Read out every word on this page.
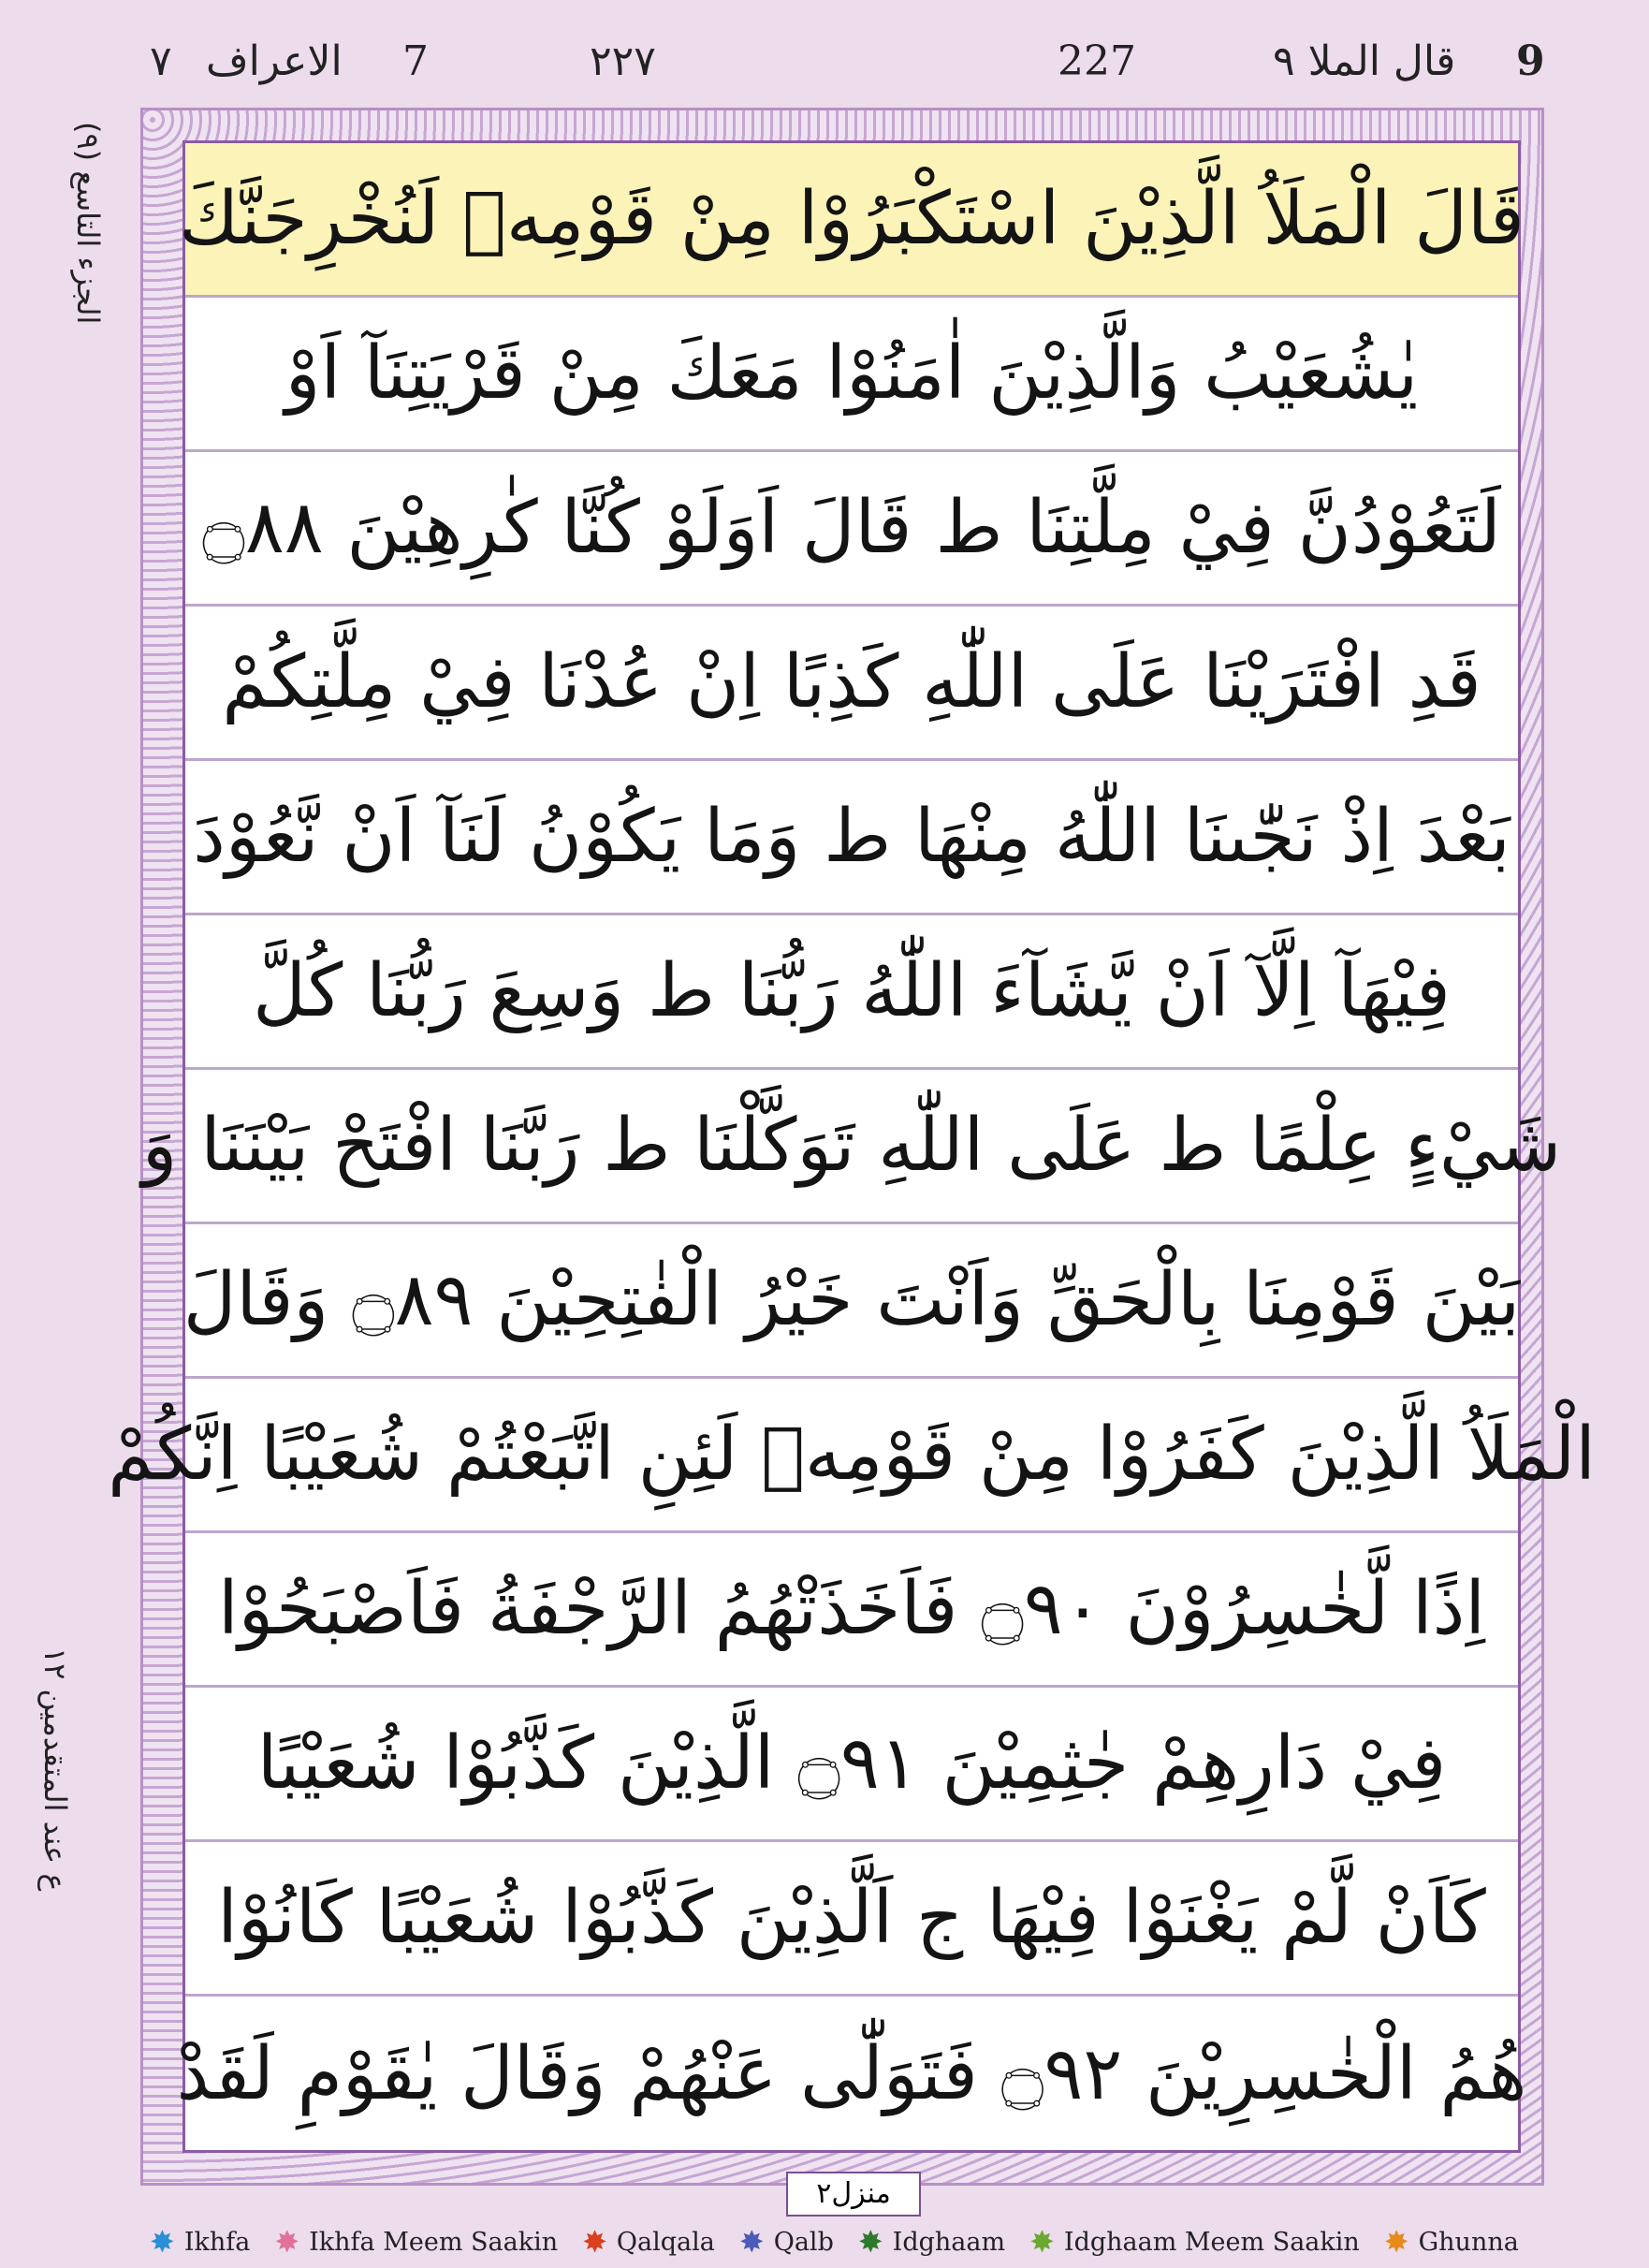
٧ الاعراف 7	٢٢٧	227	قال الملا ٩ 9
الجزء التاسع (٩)
ع عند المتقدمين ١٢
قَالَ الْمَلَاُ الَّذِيْنَ اسْتَكْبَرُوْا مِنْ قَوْمِهٖ لَنُخْرِجَنَّكَ
يٰشُعَيْبُ وَالَّذِيْنَ اٰمَنُوْا مَعَكَ مِنْ قَرْيَتِنَآ اَوْ
لَتَعُوْدُنَّ فِيْ مِلَّتِنَا ط قَالَ اَوَلَوْ كُنَّا كٰرِهِيْنَ ۝٨٨
قَدِ افْتَرَيْنَا عَلَى اللّٰهِ كَذِبًا اِنْ عُدْنَا فِيْ مِلَّتِكُمْ
بَعْدَ اِذْ نَجّٰىنَا اللّٰهُ مِنْهَا ط وَمَا يَكُوْنُ لَنَآ اَنْ نَّعُوْدَ
فِيْهَآ اِلَّآ اَنْ يَّشَآءَ اللّٰهُ رَبُّنَا ط وَسِعَ رَبُّنَا كُلَّ
شَيْءٍ عِلْمًا ط عَلَى اللّٰهِ تَوَكَّلْنَا ط رَبَّنَا افْتَحْ بَيْنَنَا وَ
بَيْنَ قَوْمِنَا بِالْحَقِّ وَاَنْتَ خَيْرُ الْفٰتِحِيْنَ ۝٨٩ وَقَالَ
الْمَلَاُ الَّذِيْنَ كَفَرُوْا مِنْ قَوْمِهٖ لَئِنِ اتَّبَعْتُمْ شُعَيْبًا اِنَّكُمْ
اِذًا لَّخٰسِرُوْنَ ۝٩٠ فَاَخَذَتْهُمُ الرَّجْفَةُ فَاَصْبَحُوْا
فِيْ دَارِهِمْ جٰثِمِيْنَ ۝٩١ الَّذِيْنَ كَذَّبُوْا شُعَيْبًا
كَاَنْ لَّمْ يَغْنَوْا فِيْهَا ج اَلَّذِيْنَ كَذَّبُوْا شُعَيْبًا كَانُوْا
هُمُ الْخٰسِرِيْنَ ۝٩٢ فَتَوَلّٰى عَنْهُمْ وَقَالَ يٰقَوْمِ لَقَدْ
منزل٢
✸ Ikhfa ✸ Ikhfa Meem Saakin ✸ Qalqala ✸ Qalb ✸ Idghaam ✸ Idghaam Meem Saakin ✸ Ghunna
